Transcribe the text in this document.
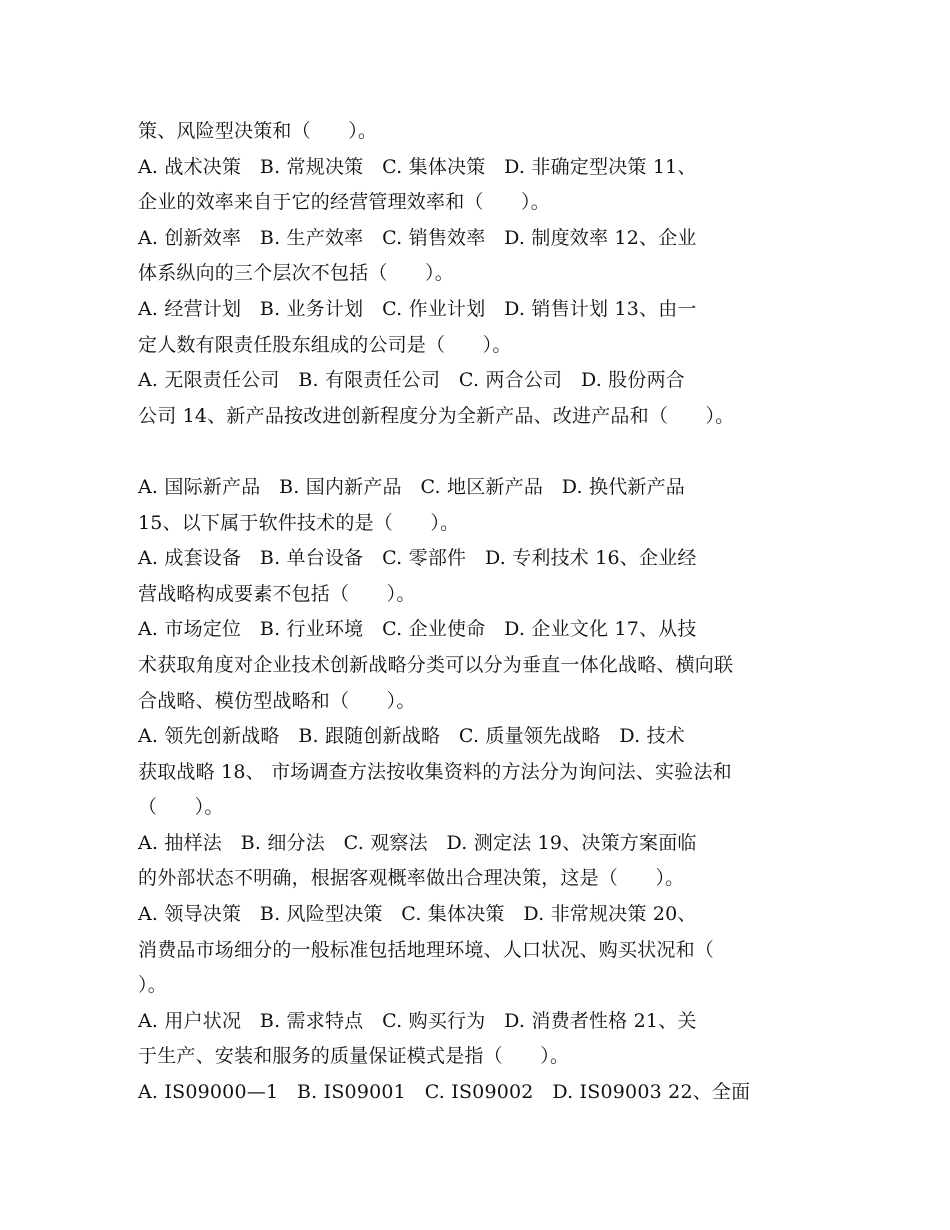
策、风险型决策和（      ）。
A. 战术决策   B. 常规决策   C. 集体决策   D. 非确定型决策 11、
企业的效率来自于它的经营管理效率和（      ）。
A. 创新效率   B. 生产效率   C. 销售效率   D. 制度效率 12、企业
体系纵向的三个层次不包括（      ）。
A. 经营计划   B. 业务计划   C. 作业计划   D. 销售计划 13、由一
定人数有限责任股东组成的公司是（      ）。
A. 无限责任公司   B. 有限责任公司   C. 两合公司   D. 股份两合
公司 14、新产品按改进创新程度分为全新产品、改进产品和（      ）。
A. 国际新产品   B. 国内新产品   C. 地区新产品   D. 换代新产品
15、以下属于软件技术的是（      ）。
A. 成套设备   B. 单台设备   C. 零部件   D. 专利技术 16、企业经
营战略构成要素不包括（      ）。
A. 市场定位   B. 行业环境   C. 企业使命   D. 企业文化 17、从技
术获取角度对企业技术创新战略分类可以分为垂直一体化战略、横向联
合战略、模仿型战略和（      ）。
A. 领先创新战略   B. 跟随创新战略   C. 质量领先战略   D. 技术
获取战略 18、 市场调查方法按收集资料的方法分为询问法、实验法和
（      ）。
A. 抽样法   B. 细分法   C. 观察法   D. 测定法 19、决策方案面临
的外部状态不明确，根据客观概率做出合理决策，这是（      ）。
A. 领导决策   B. 风险型决策   C. 集体决策   D. 非常规决策 20、
消费品市场细分的一般标准包括地理环境、人口状况、购买状况和（
）。
A. 用户状况   B. 需求特点   C. 购买行为   D. 消费者性格 21、关
于生产、安装和服务的质量保证模式是指（      ）。
A. IS09000—1   B. IS09001   C. IS09002   D. IS09003 22、全面
